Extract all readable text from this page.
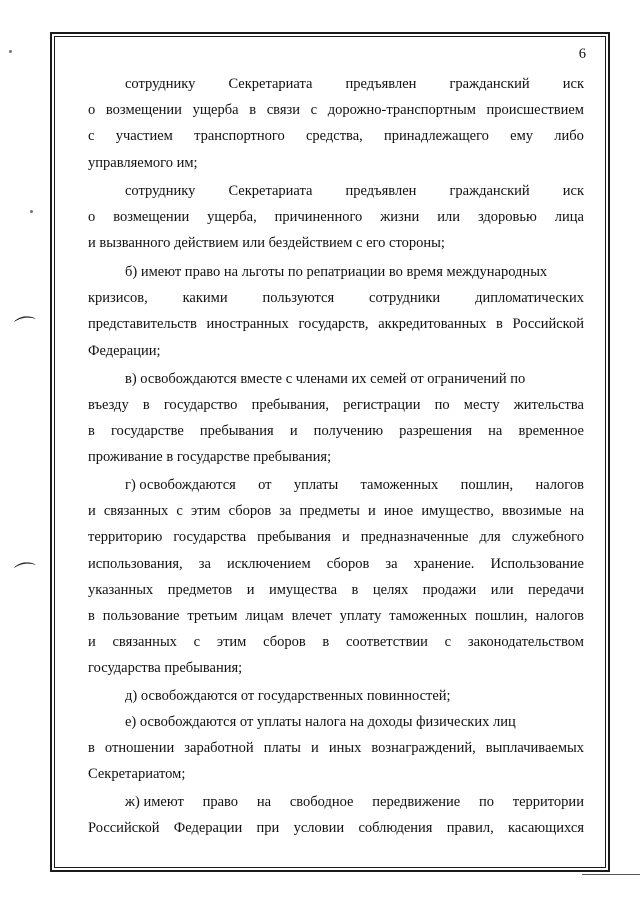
6
⌒
⌒
сотруднику Секретариата предъявлен гражданский иск
о возмещении ущерба в связи с дорожно-транспортным происшествием
с участием транспортного средства, принадлежащего ему либо
управляемого им;
сотруднику Секретариата предъявлен гражданский иск
о возмещении ущерба, причиненного жизни или здоровью лица
и вызванного действием или бездействием с его стороны;
б) имеют право на льготы по репатриации во время международных
кризисов, какими пользуются сотрудники дипломатических
представительств иностранных государств, аккредитованных в Российской
Федерации;
в) освобождаются вместе с членами их семей от ограничений по
въезду в государство пребывания, регистрации по месту жительства
в государстве пребывания и получению разрешения на временное
проживание в государстве пребывания;
г) освобождаются от уплаты таможенных пошлин, налогов
и связанных с этим сборов за предметы и иное имущество, ввозимые на
территорию государства пребывания и предназначенные для служебного
использования, за исключением сборов за хранение. Использование
указанных предметов и имущества в целях продажи или передачи
в пользование третьим лицам влечет уплату таможенных пошлин, налогов
и связанных с этим сборов в соответствии с законодательством
государства пребывания;
д) освобождаются от государственных повинностей;
е) освобождаются от уплаты налога на доходы физических лиц
в отношении заработной платы и иных вознаграждений, выплачиваемых
Секретариатом;
ж) имеют право на свободное передвижение по территории
Российской Федерации при условии соблюдения правил, касающихся
